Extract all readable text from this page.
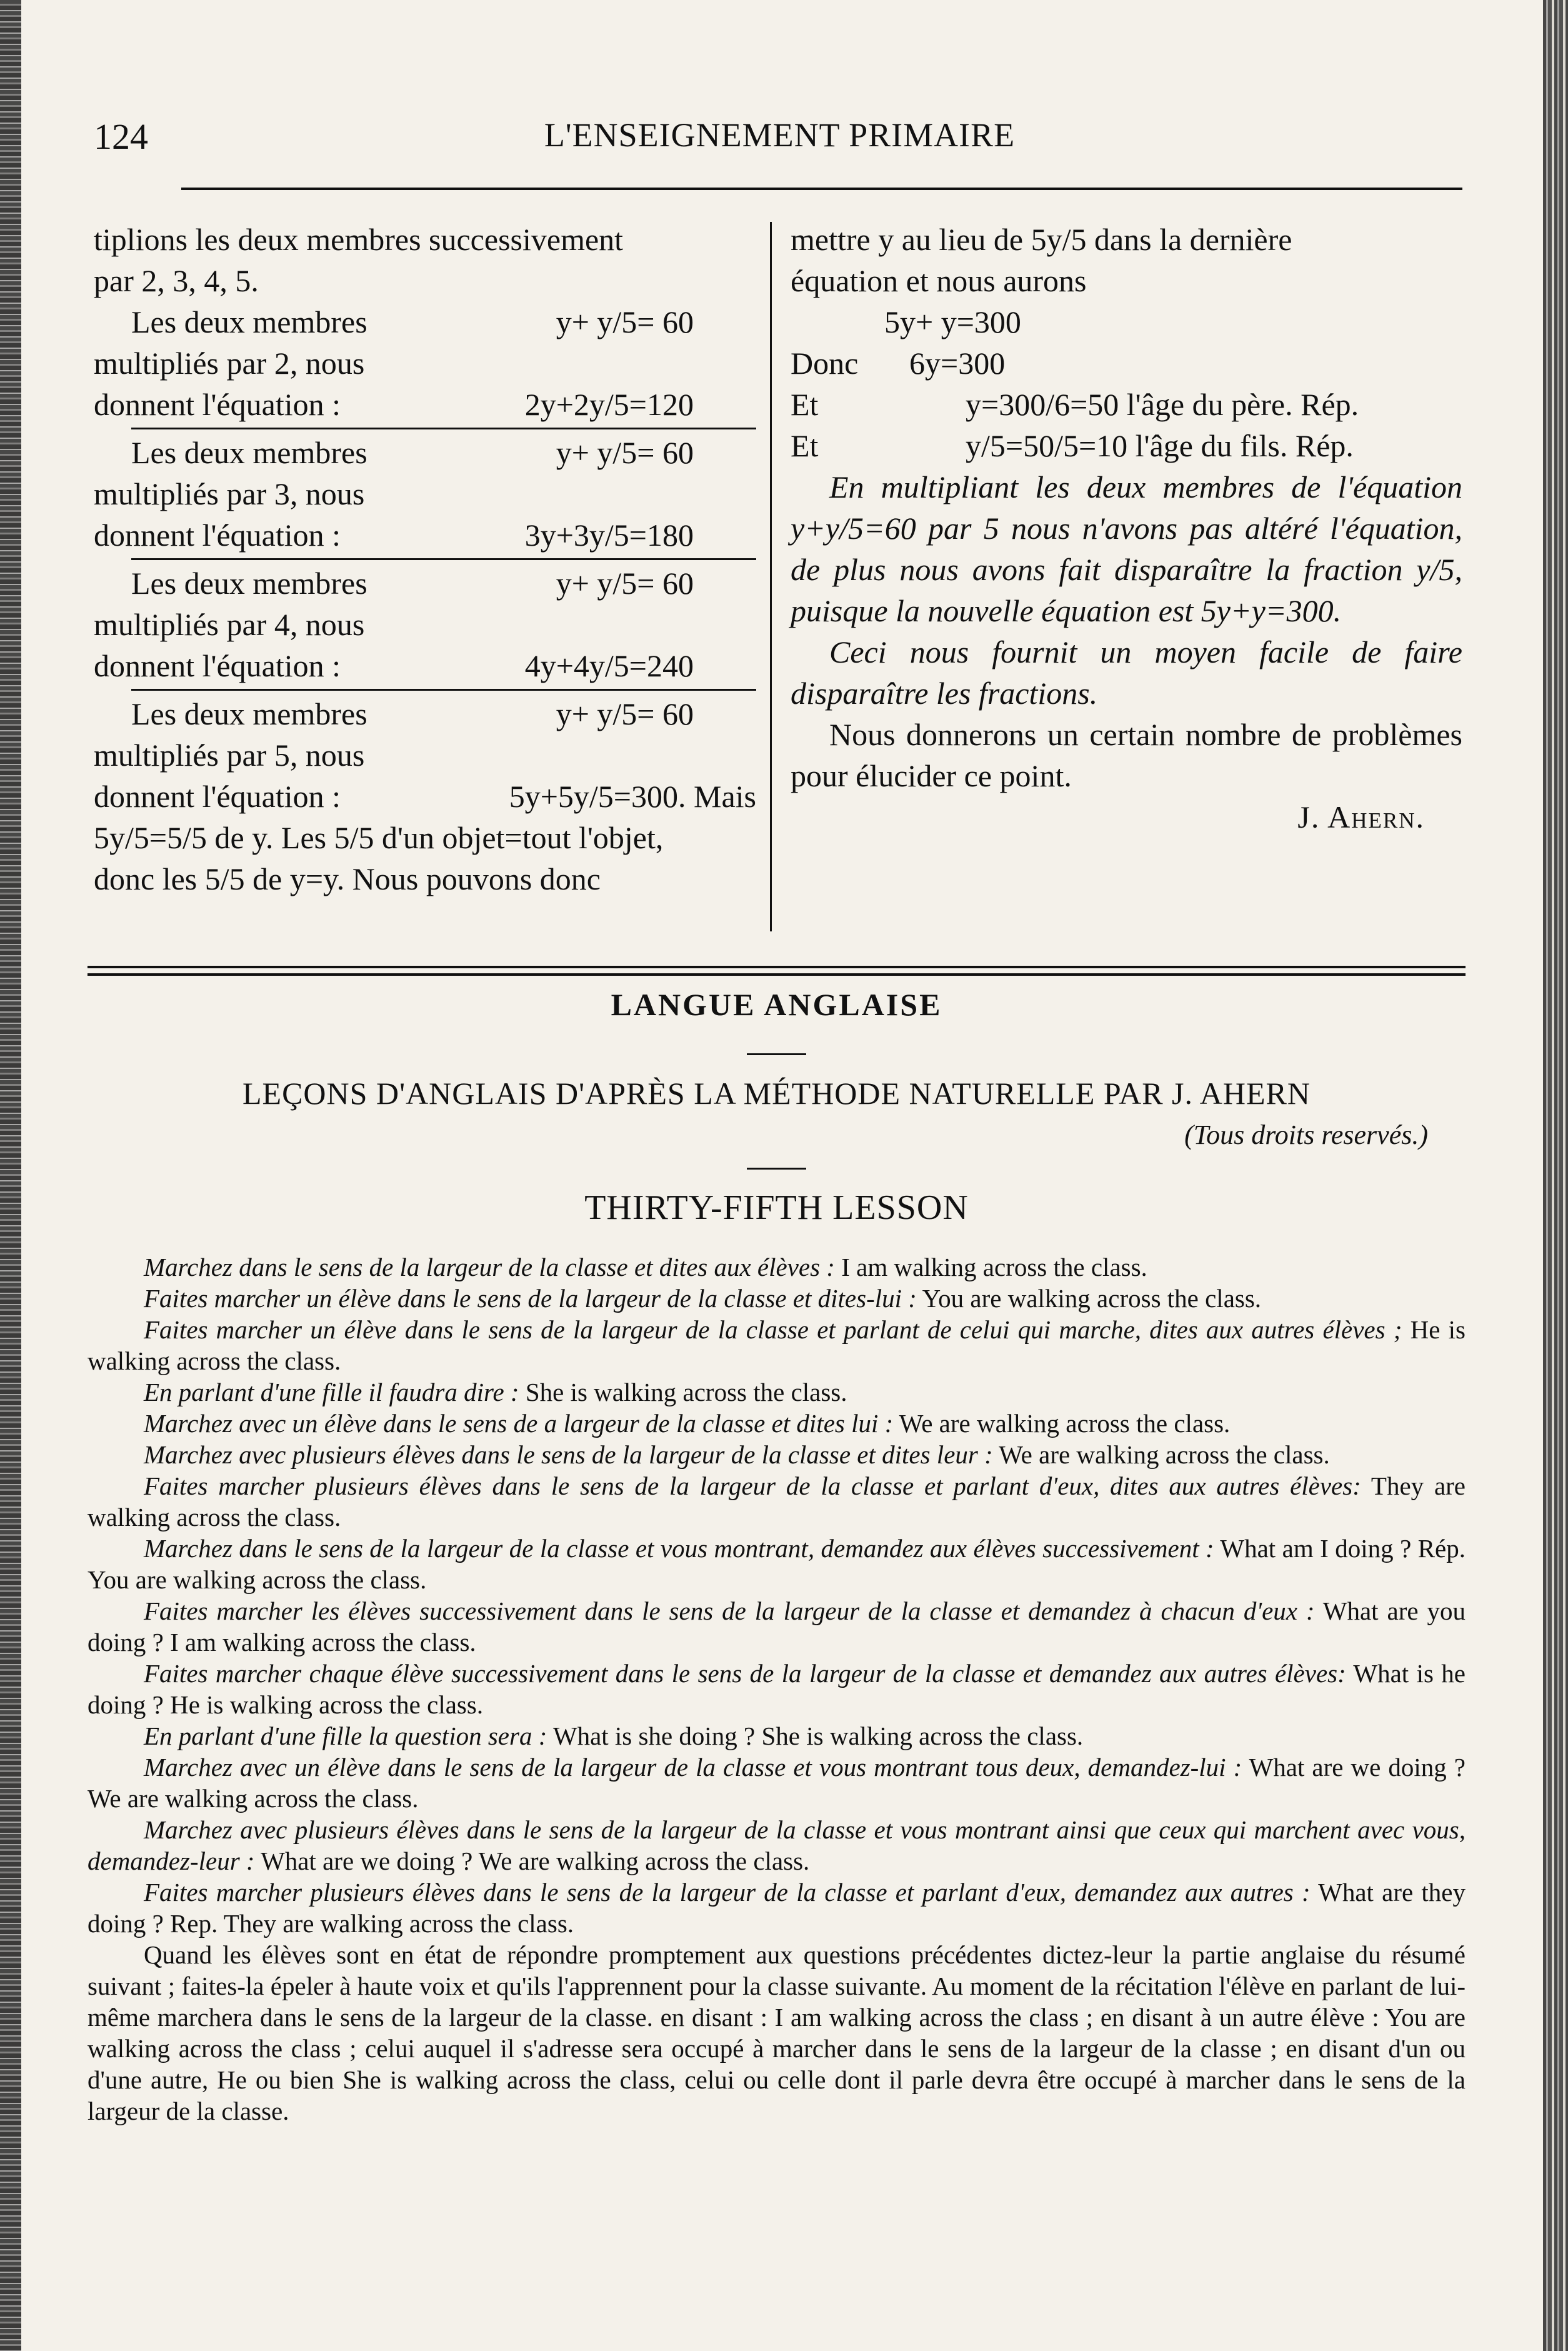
124	L'ENSEIGNEMENT PRIMAIRE

tiplions les deux membres successivement

par 2, 3, 4, 5.

Les deux membres	y+ y/5= 60

multipliés par 2, nous

donnent l'équation :	2y+2y/5=120
Les deux membres	y+ y/5= 60

multipliés par 3, nous

donnent l'équation :	3y+3y/5=180
Les deux membres	y+ y/5= 60

multipliés par 4, nous

donnent l'équation :	4y+4y/5=240
Les deux membres	y+ y/5= 60

multipliés par 5, nous

donnent l'équation :	5y+5y/5=300. Mais

5y/5=5/5 de y. Les 5/5 d'un objet=tout l'objet,

donc les 5/5 de y=y. Nous pouvons donc

mettre y au lieu de 5y/5 dans la dernière

équation et nous aurons

5y+ y=300

Donc	6y=300
Et	y=300/6=50 l'âge du père. Rép.
Et	y/5=50/5=10 l'âge du fils. Rép.

En multipliant les deux membres de l'équation y+y/5=60 par 5 nous n'avons pas altéré l'équation, de plus nous avons fait disparaître la fraction y/5, puisque la nouvelle équation est 5y+y=300.

Ceci nous fournit un moyen facile de faire disparaître les fractions.

Nous donnerons un certain nombre de problèmes pour élucider ce point.

J. Ahern.

LANGUE ANGLAISE
LEÇONS D'ANGLAIS D'APRÈS LA MÉTHODE NATURELLE PAR J. AHERN
(Tous droits reservés.)
THIRTY-FIFTH LESSON

Marchez dans le sens de la largeur de la classe et dites aux élèves : I am walking across the class.

Faites marcher un élève dans le sens de la largeur de la classe et dites-lui : You are walking across the class.

Faites marcher un élève dans le sens de la largeur de la classe et parlant de celui qui marche, dites aux autres élèves ; He is walking across the class.

En parlant d'une fille il faudra dire : She is walking across the class.

Marchez avec un élève dans le sens de a largeur de la classe et dites lui : We are walking across the class.

Marchez avec plusieurs élèves dans le sens de la largeur de la classe et dites leur : We are walking across the class.

Faites marcher plusieurs élèves dans le sens de la largeur de la classe et parlant d'eux, dites aux autres élèves: They are walking across the class.

Marchez dans le sens de la largeur de la classe et vous montrant, demandez aux élèves successivement : What am I doing ? Rép. You are walking across the class.

Faites marcher les élèves successivement dans le sens de la largeur de la classe et demandez à chacun d'eux : What are you doing ? I am walking across the class.

Faites marcher chaque élève successivement dans le sens de la largeur de la classe et demandez aux autres élèves: What is he doing ? He is walking across the class.

En parlant d'une fille la question sera : What is she doing ? She is walking across the class.

Marchez avec un élève dans le sens de la largeur de la classe et vous montrant tous deux, demandez-lui : What are we doing ? We are walking across the class.

Marchez avec plusieurs élèves dans le sens de la largeur de la classe et vous montrant ainsi que ceux qui marchent avec vous, demandez-leur : What are we doing ? We are walking across the class.

Faites marcher plusieurs élèves dans le sens de la largeur de la classe et parlant d'eux, demandez aux autres : What are they doing ? Rep. They are walking across the class.

Quand les élèves sont en état de répondre promptement aux questions précédentes dictez-leur la partie anglaise du résumé suivant ; faites-la épeler à haute voix et qu'ils l'apprennent pour la classe suivante. Au moment de la récitation l'élève en parlant de lui-même marchera dans le sens de la largeur de la classe. en disant : I am walking across the class ; en disant à un autre élève : You are walking across the class ; celui auquel il s'adresse sera occupé à marcher dans le sens de la largeur de la classe ; en disant d'un ou d'une autre, He ou bien She is walking across the class, celui ou celle dont il parle devra être occupé à marcher dans le sens de la largeur de la classe.
